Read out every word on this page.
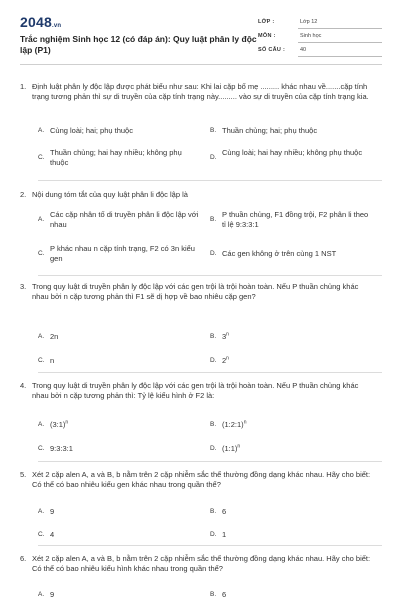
2048.vn
Trắc nghiệm Sinh học 12 (có đáp án): Quy luật phân ly độc lập (P1)
LỚP :	Lớp 12
MÔN :	Sinh học
SỐ CÂU :	40
1. Định luật phân ly độc lập được phát biểu như sau: Khi lai cặp bố mẹ ......... khác nhau về.......cặp tính trạng tương phản thì sự di truyền của cặp tính trạng này......... vào sự di truyền của cặp tính trạng kia.
A. Cùng loài; hai; phụ thuộc	B. Thuần chủng; hai; phụ thuộc
C.
Thuần chủng; hai hay nhiều; không phụ thuộc
D.
Cùng loài; hai hay nhiều; không phụ thuộc
2. Nội dung tóm tắt của quy luật phân li độc lập là
A.
Các cặp nhân tố di truyền phân li độc lập với nhau
B.
P thuần chủng, F1 đồng trội, F2 phân li theo tỉ lệ 9:3:3:1
C.
P khác nhau n cặp tính trạng, F2 có 3n kiểu gen
D. Các gen không ở trên cùng 1 NST
3. Trong quy luật di truyền phân ly độc lập với các gen trội là trội hoàn toàn. Nếu P thuần chủng khác nhau bởi n cặp tương phản thì F1 sẽ dị hợp về bao nhiêu cặp gen?
A. 2n	B. 3$^n$
C. n	D. 2$^n$
4. Trong quy luật di truyền phân ly độc lập với các gen trội là trội hoàn toàn. Nếu P thuần chủng khác nhau bởi n cặp tương phản thì: Tỷ lệ kiểu hình ở F2 là:
A. (3:1)$^n$	B. (1:2:1)$^n$
C. 9:3:3:1	D. (1:1)$^n$
5. Xét 2 cặp alen A, a và B, b nằm trên 2 cặp nhiễm sắc thể thường đồng dạng khác nhau. Hãy cho biết: Có thể có bao nhiêu kiểu gen khác nhau trong quần thể?
A. 9	B. 6
C. 4	D. 1
6. Xét 2 cặp alen A, a và B, b nằm trên 2 cặp nhiễm sắc thể thường đồng dạng khác nhau. Hãy cho biết: Có thể có bao nhiêu kiểu hình khác nhau trong quần thể?
A. 9	B. 6
